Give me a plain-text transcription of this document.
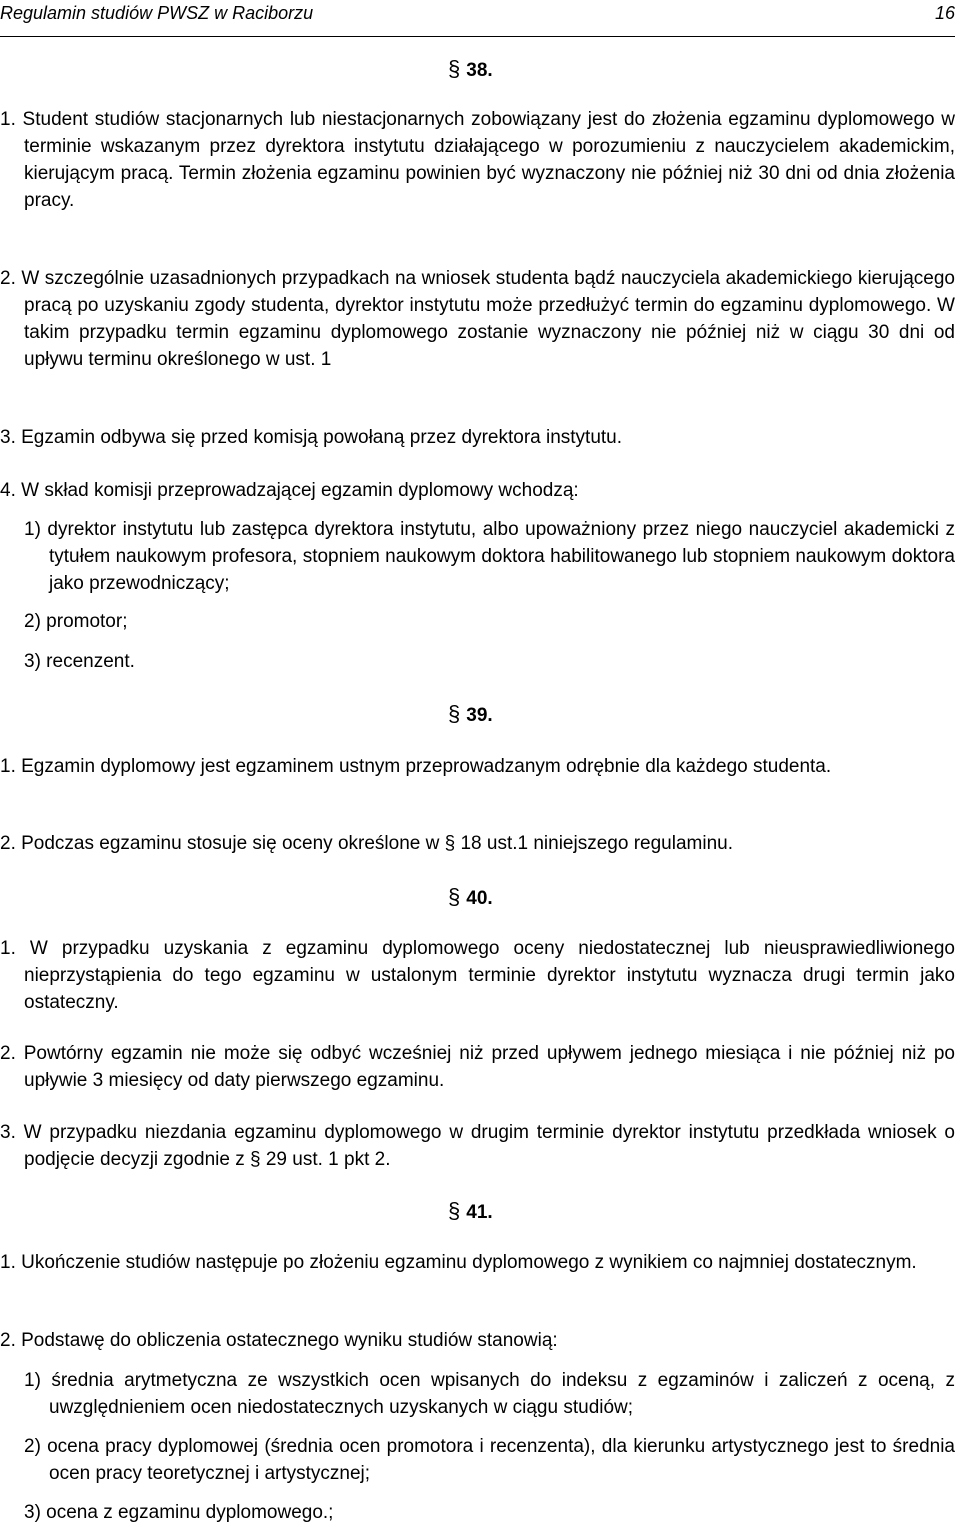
Regulamin studiów PWSZ w Raciborzu	16
§ 38.
1. Student studiów stacjonarnych lub niestacjonarnych zobowiązany jest do złożenia egzaminu dyplomowego w terminie wskazanym przez dyrektora instytutu działającego w porozumieniu z nauczycielem akademickim, kierującym pracą. Termin złożenia egzaminu powinien być wyznaczony nie później niż 30 dni od dnia złożenia pracy.
2. W szczególnie uzasadnionych przypadkach na wniosek studenta bądź nauczyciela akademickiego kierującego pracą po uzyskaniu zgody studenta, dyrektor instytutu może przedłużyć termin do egzaminu dyplomowego. W takim przypadku termin egzaminu dyplomowego zostanie wyznaczony nie później niż w ciągu 30 dni od upływu terminu określonego w ust. 1
3. Egzamin odbywa się przed komisją powołaną przez dyrektora instytutu.
4. W skład komisji przeprowadzającej egzamin dyplomowy wchodzą:
1) dyrektor instytutu lub zastępca dyrektora instytutu, albo upoważniony przez niego nauczyciel akademicki z tytułem naukowym profesora, stopniem naukowym doktora habilitowanego lub stopniem naukowym doktora jako przewodniczący;
2) promotor;
3) recenzent.
§ 39.
1. Egzamin dyplomowy jest egzaminem ustnym przeprowadzanym odrębnie dla każdego studenta.
2. Podczas egzaminu stosuje się oceny określone w § 18 ust.1 niniejszego regulaminu.
§ 40.
1. W przypadku uzyskania z egzaminu dyplomowego oceny niedostatecznej lub nieusprawiedliwionego nieprzystąpienia do tego egzaminu w ustalonym terminie dyrektor instytutu wyznacza drugi termin jako ostateczny.
2. Powtórny egzamin nie może się odbyć wcześniej niż przed upływem jednego miesiąca i nie później niż po upływie 3 miesięcy od daty pierwszego egzaminu.
3. W przypadku niezdania egzaminu dyplomowego w drugim terminie dyrektor instytutu przedkłada wniosek o podjęcie decyzji zgodnie z § 29 ust. 1 pkt 2.
§ 41.
1. Ukończenie studiów następuje po złożeniu egzaminu dyplomowego z wynikiem co najmniej dostatecznym.
2. Podstawę do obliczenia ostatecznego wyniku studiów stanowią:
1) średnia arytmetyczna ze wszystkich ocen wpisanych do indeksu z egzaminów i zaliczeń z oceną, z uwzględnieniem ocen niedostatecznych uzyskanych w ciągu studiów;
2) ocena pracy dyplomowej (średnia ocen promotora i recenzenta), dla kierunku artystycznego jest to średnia ocen pracy teoretycznej i artystycznej;
3) ocena z egzaminu dyplomowego.;
